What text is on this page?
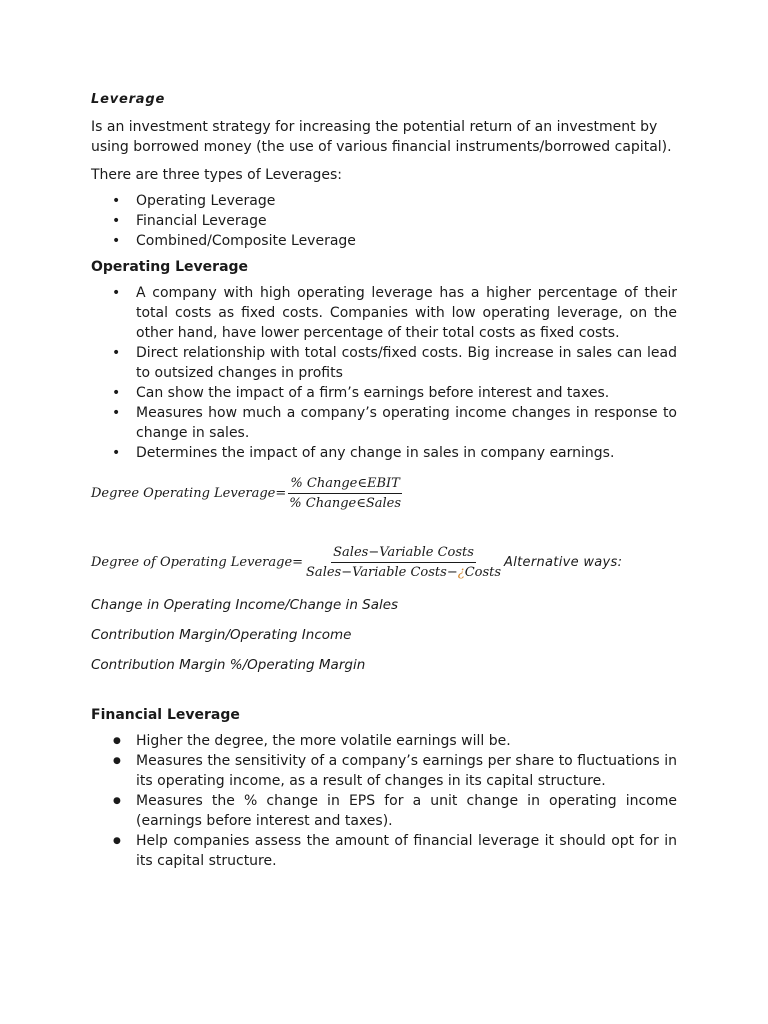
Leverage

Is an investment strategy for increasing the potential return of an investment by using borrowed money (the use of various financial instruments/borrowed capital).

There are three types of Leverages:

• Operating Leverage
• Financial Leverage
• Combined/Composite Leverage
Operating Leverage
• A company with high operating leverage has a higher percentage of their total costs as fixed costs. Companies with low operating leverage, on the other hand, have lower percentage of their total costs as fixed costs.
• Direct relationship with total costs/fixed costs. Big increase in sales can lead to outsized changes in profits
• Can show the impact of a firm’s earnings before interest and taxes.
• Measures how much a company’s operating income changes in response to change in sales.
• Determines the impact of any change in sales in company earnings.
Degree Operating Leverage= $\frac{\text{\% Change∈EBIT}}{\text{\% Change∈Sales}}$
Degree of Operating Leverage= $\frac{\text{Sales−Variable Costs}}{\text{Sales−Variable Costs−¿Costs}}$ Alternative ways:

Change in Operating Income/Change in Sales

Contribution Margin/Operating Income

Contribution Margin %/Operating Margin

Financial Leverage
● Higher the degree, the more volatile earnings will be.
● Measures the sensitivity of a company’s earnings per share to fluctuations in its operating income, as a result of changes in its capital structure.
● Measures the % change in EPS for a unit change in operating income (earnings before interest and taxes).
● Help companies assess the amount of financial leverage it should opt for in its capital structure.
